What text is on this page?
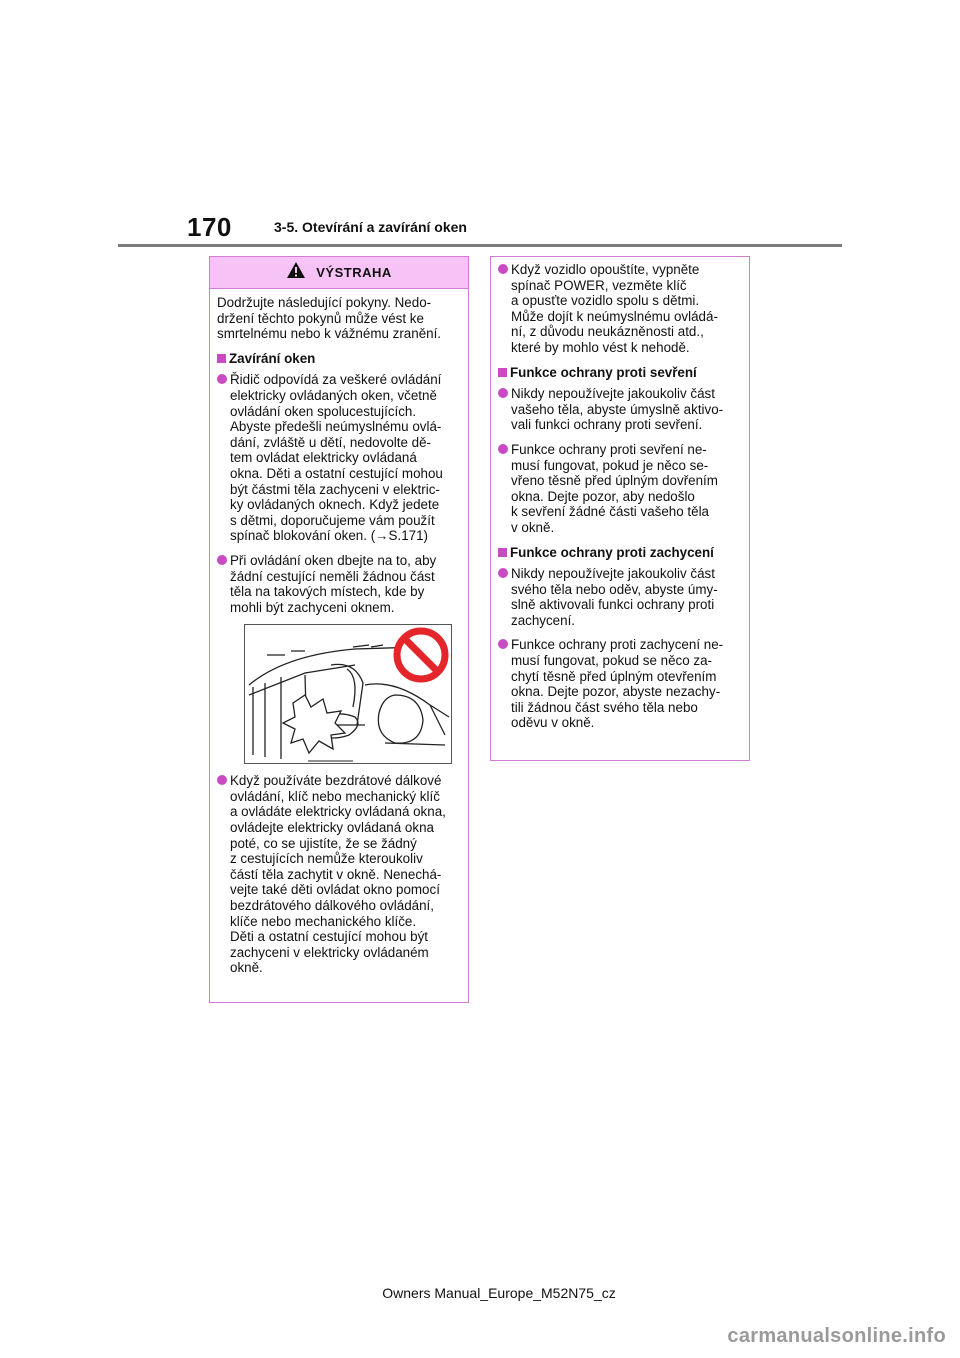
170	3-5. Otevírání a zavírání oken
VÝSTRAHA

Dodržujte následující pokyny. Nedo-
držení těchto pokynů může vést ke
smrtelnému nebo k vážnému zranění.

Zavírání oken
Řidič odpovídá za veškeré ovládání
elektricky ovládaných oken, včetně
ovládání oken spolucestujících.
Abyste předešli neúmyslnému ovlá-
dání, zvláště u dětí, nedovolte dě-
tem ovládat elektricky ovládaná
okna. Děti a ostatní cestující mohou
být částmi těla zachyceni v elektric-
ky ovládaných oknech. Když jedete
s dětmi, doporučujeme vám použít
spínač blokování oken. (→S.171)
Při ovládání oken dbejte na to, aby
žádní cestující neměli žádnou část
těla na takových místech, kde by
mohli být zachyceni oknem.
Když používáte bezdrátové dálkové
ovládání, klíč nebo mechanický klíč
a ovládáte elektricky ovládaná okna,
ovládejte elektricky ovládaná okna
poté, co se ujistíte, že se žádný
z cestujících nemůže kteroukoliv
částí těla zachytit v okně. Nenechá-
vejte také děti ovládat okno pomocí
bezdrátového dálkového ovládání,
klíče nebo mechanického klíče.
Děti a ostatní cestující mohou být
zachyceni v elektricky ovládaném
okně.
Když vozidlo opouštíte, vypněte
spínač POWER, vezměte klíč
a opusťte vozidlo spolu s dětmi.
Může dojít k neúmyslnému ovládá-
ní, z důvodu neukázněnosti atd.,
které by mohlo vést k nehodě.
Funkce ochrany proti sevření
Nikdy nepoužívejte jakoukoliv část
vašeho těla, abyste úmyslně aktivo-
vali funkci ochrany proti sevření.
Funkce ochrany proti sevření ne-
musí fungovat, pokud je něco se-
vřeno těsně před úplným dovřením
okna. Dejte pozor, aby nedošlo
k sevření žádné části vašeho těla
v okně.
Funkce ochrany proti zachycení
Nikdy nepoužívejte jakoukoliv část
svého těla nebo oděv, abyste úmy-
slně aktivovali funkci ochrany proti
zachycení.
Funkce ochrany proti zachycení ne-
musí fungovat, pokud se něco za-
chytí těsně před úplným otevřením
okna. Dejte pozor, abyste nezachy-
tili žádnou část svého těla nebo
oděvu v okně.
Owners Manual_Europe_M52N75_cz
carmanualsonline.info
